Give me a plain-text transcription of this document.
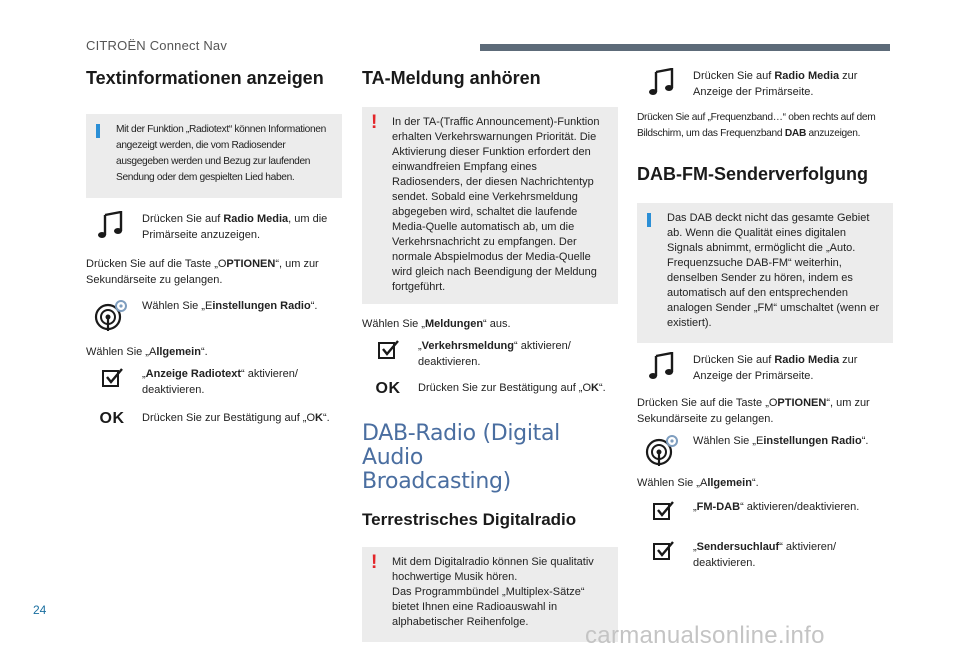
CITROËN Connect Nav
Textinformationen anzeigen

Mit der Funktion „Radiotext“ können Informationen angezeigt werden, die vom Radiosender ausgegeben werden und Bezug zur laufenden Sendung oder dem gespielten Lied haben.

Drücken Sie auf Radio Media, um die Primärseite anzuzeigen.
Drücken Sie auf die Taste „OPTIONEN“, um zur Sekundärseite zu gelangen.
Wählen Sie „Einstellungen Radio“.
Wählen Sie „Allgemein“.
„Anzeige Radiotext“ aktivieren/ deaktivieren.
OK	Drücken Sie zur Bestätigung auf „OK“.
TA-Meldung anhören
! In der TA-(Traffic Announcement)-Funktion erhalten Verkehrswarnungen Priorität. Die Aktivierung dieser Funktion erfordert den einwandfreien Empfang eines Radiosenders, der diesen Nachrichtentyp sendet. Sobald eine Verkehrsmeldung abgegeben wird, schaltet die laufende Media-Quelle automatisch ab, um die Verkehrsnachricht zu empfangen. Der normale Abspielmodus der Media-Quelle wird gleich nach Beendigung der Meldung fortgeführt.

Wählen Sie „Meldungen“ aus.
„Verkehrsmeldung“ aktivieren/ deaktivieren.
OK	Drücken Sie zur Bestätigung auf „OK“.
DAB-Radio (Digital Audio
Broadcasting)
Terrestrisches Digitalradio
! Mit dem Digitalradio können Sie qualitativ hochwertige Musik hören.

Das Programmbündel „Multiplex-Sätze“ bietet Ihnen eine Radioauswahl in alphabetischer Reihenfolge.

Drücken Sie auf Radio Media zur Anzeige der Primärseite.
Drücken Sie auf „Frequenzband…“ oben rechts auf dem Bildschirm, um das Frequenzband DAB anzuzeigen.
DAB-FM-Senderverfolgung

Das DAB deckt nicht das gesamte Gebiet ab. Wenn die Qualität eines digitalen Signals abnimmt, ermöglicht die „Auto. Frequenzsuche DAB-FM“ weiterhin, denselben Sender zu hören, indem es automatisch auf den entsprechenden analogen Sender „FM“ umschaltet (wenn er existiert).

Drücken Sie auf Radio Media zur Anzeige der Primärseite.
Drücken Sie auf die Taste „OPTIONEN“, um zur Sekundärseite zu gelangen.
Wählen Sie „Einstellungen Radio“.
Wählen Sie „Allgemein“.
„FM-DAB“ aktivieren/deaktivieren.
„Sendersuchlauf“ aktivieren/ deaktivieren.
24
carmanualsonline.info
